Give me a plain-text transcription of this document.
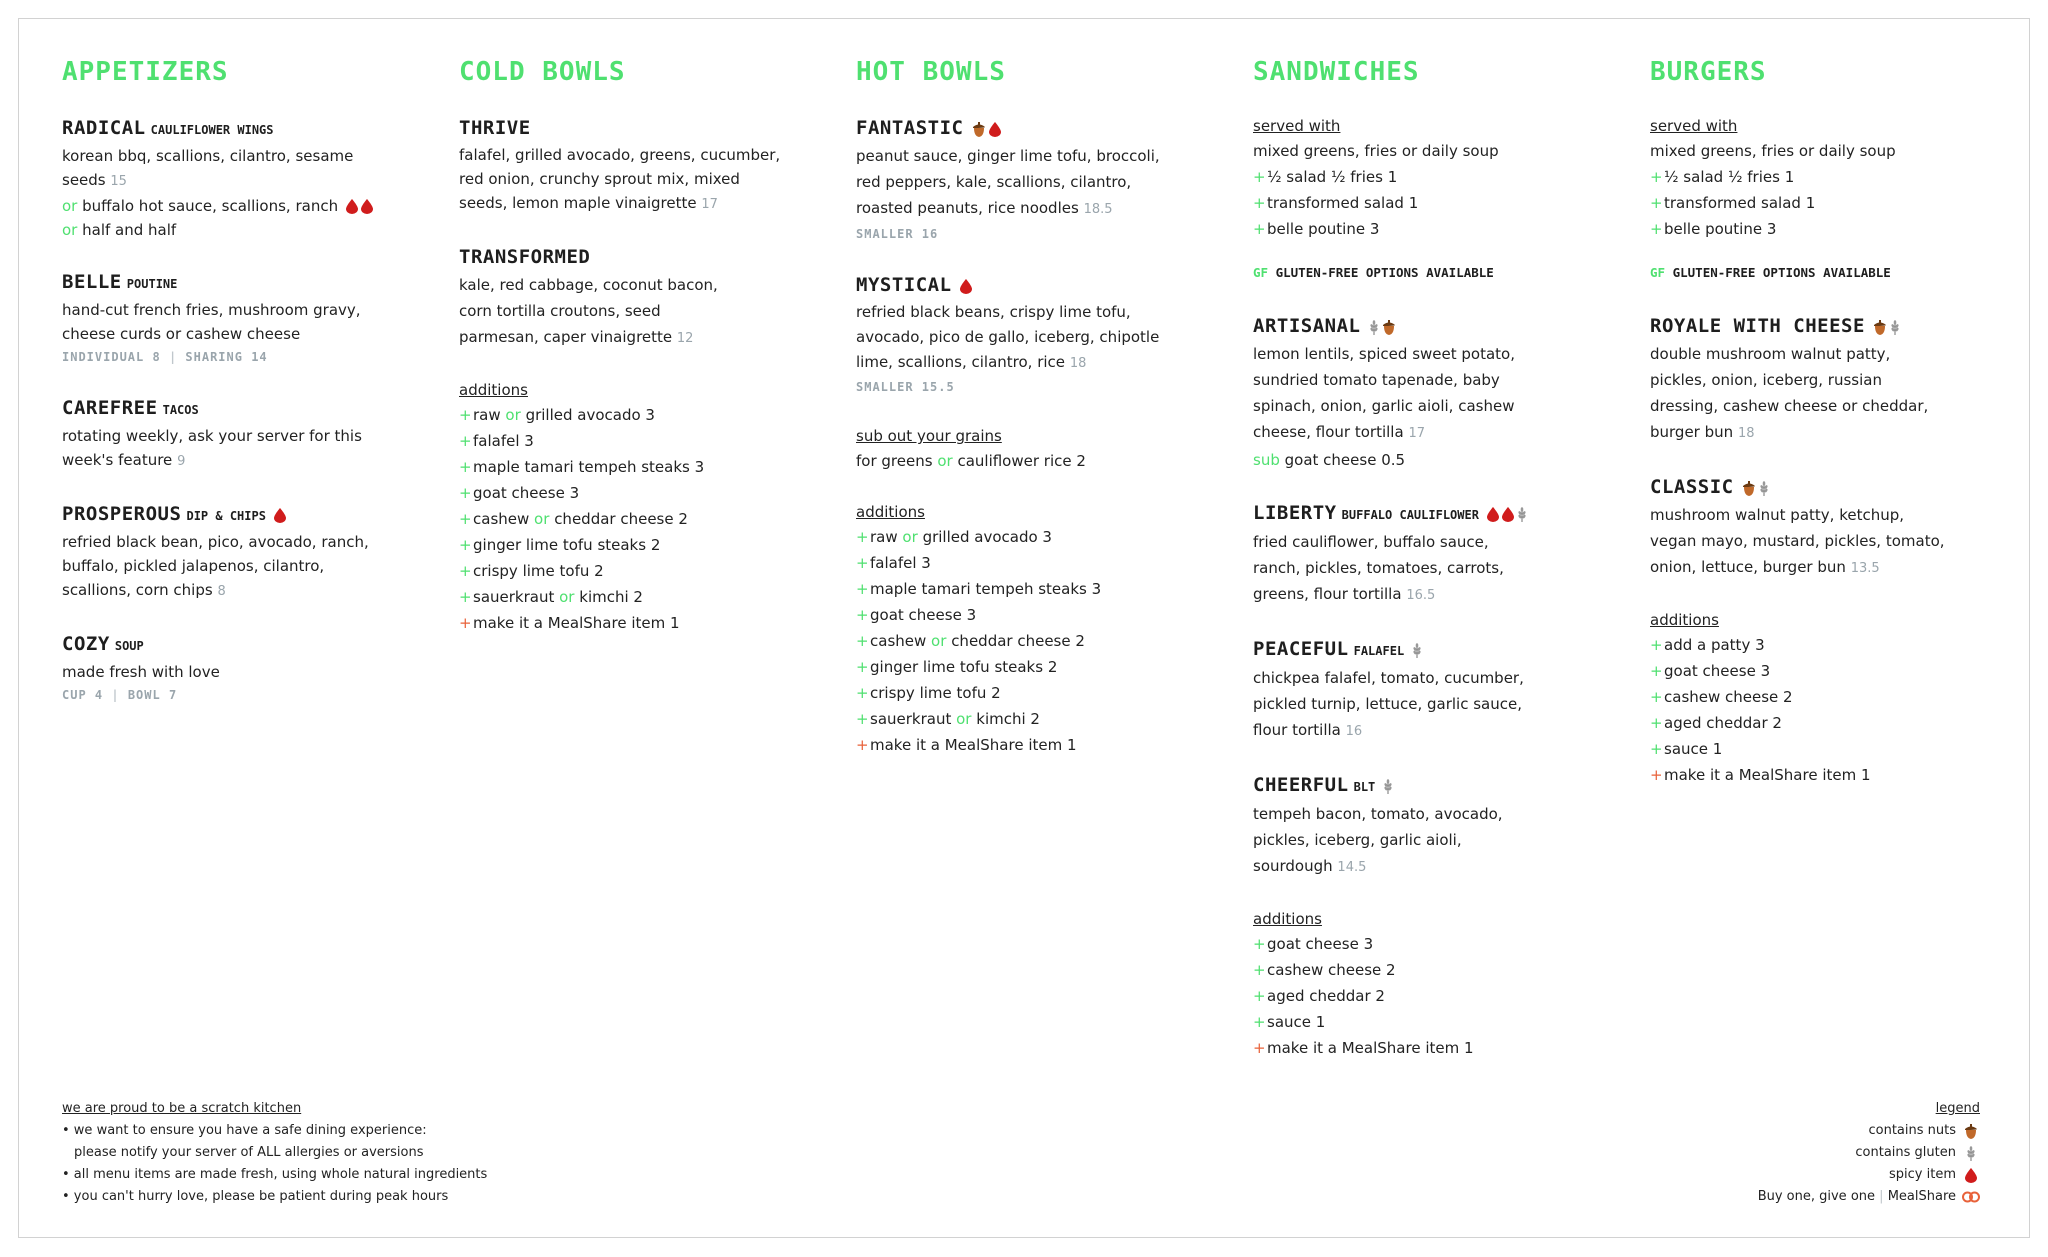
APPETIZERS
RADICAL CAULIFLOWER WINGS
korean bbq, scallions, cilantro, sesame
seeds 15
or buffalo hot sauce, scallions, ranch
or half and half
BELLE POUTINE
hand-cut french fries, mushroom gravy,
cheese curds or cashew cheese
INDIVIDUAL 8 | SHARING 14
CAREFREE TACOS
rotating weekly, ask your server for this
week's feature 9
PROSPEROUS DIP & CHIPS
refried black bean, pico, avocado, ranch,
buffalo, pickled jalapenos, cilantro,
scallions, corn chips 8
COZY SOUP
made fresh with love
CUP 4 | BOWL 7
COLD BOWLS
THRIVE
falafel, grilled avocado, greens, cucumber,
red onion, crunchy sprout mix, mixed
seeds, lemon maple vinaigrette 17
TRANSFORMED
kale, red cabbage, coconut bacon,
corn tortilla croutons, seed
parmesan, caper vinaigrette 12
additions
+raw or grilled avocado 3
+falafel 3
+maple tamari tempeh steaks 3
+goat cheese 3
+cashew or cheddar cheese 2
+ginger lime tofu steaks 2
+crispy lime tofu 2
+sauerkraut or kimchi 2
+make it a MealShare item 1
HOT BOWLS
FANTASTIC
peanut sauce, ginger lime tofu, broccoli,
red peppers, kale, scallions, cilantro,
roasted peanuts, rice noodles 18.5
SMALLER 16
MYSTICAL
refried black beans, crispy lime tofu,
avocado, pico de gallo, iceberg, chipotle
lime, scallions, cilantro, rice 18
SMALLER 15.5
sub out your grains
for greens or cauliflower rice 2
additions
+raw or grilled avocado 3
+falafel 3
+maple tamari tempeh steaks 3
+goat cheese 3
+cashew or cheddar cheese 2
+ginger lime tofu steaks 2
+crispy lime tofu 2
+sauerkraut or kimchi 2
+make it a MealShare item 1
SANDWICHES
served with
mixed greens, fries or daily soup
+½ salad ½ fries 1
+transformed salad 1
+belle poutine 3
GF GLUTEN-FREE OPTIONS AVAILABLE
ARTISANAL
lemon lentils, spiced sweet potato,
sundried tomato tapenade, baby
spinach, onion, garlic aioli, cashew
cheese, flour tortilla 17
sub goat cheese 0.5
LIBERTY BUFFALO CAULIFLOWER
fried cauliflower, buffalo sauce,
ranch, pickles, tomatoes, carrots,
greens, flour tortilla 16.5
PEACEFUL FALAFEL
chickpea falafel, tomato, cucumber,
pickled turnip, lettuce, garlic sauce,
flour tortilla 16
CHEERFUL BLT
tempeh bacon, tomato, avocado,
pickles, iceberg, garlic aioli,
sourdough 14.5
additions
+goat cheese 3
+cashew cheese 2
+aged cheddar 2
+sauce 1
+make it a MealShare item 1
BURGERS
served with
mixed greens, fries or daily soup
+½ salad ½ fries 1
+transformed salad 1
+belle poutine 3
GF GLUTEN-FREE OPTIONS AVAILABLE
ROYALE WITH CHEESE
double mushroom walnut patty,
pickles, onion, iceberg, russian
dressing, cashew cheese or cheddar,
burger bun 18
CLASSIC
mushroom walnut patty, ketchup,
vegan mayo, mustard, pickles, tomato,
onion, lettuce, burger bun 13.5
additions
+add a patty 3
+goat cheese 3
+cashew cheese 2
+aged cheddar 2
+sauce 1
+make it a MealShare item 1
we are proud to be a scratch kitchen
• we want to ensure you have a safe dining experience:
please notify your server of ALL allergies or aversions
• all menu items are made fresh, using whole natural ingredients
• you can't hurry love, please be patient during peak hours
legend
contains nuts
contains gluten
spicy item
Buy one, give one | MealShare
